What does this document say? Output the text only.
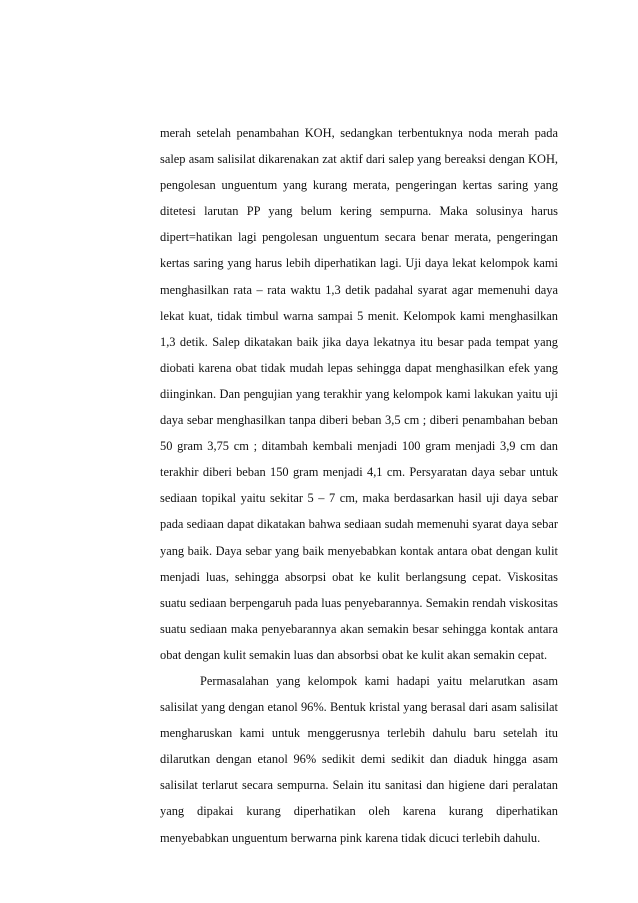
merah setelah penambahan KOH, sedangkan terbentuknya noda merah pada salep asam salisilat dikarenakan zat aktif dari salep yang bereaksi dengan KOH, pengolesan unguentum yang kurang merata, pengeringan kertas saring yang ditetesi larutan PP yang belum kering sempurna. Maka solusinya harus dipert=hatikan lagi pengolesan unguentum secara benar merata, pengeringan kertas saring yang harus lebih diperhatikan lagi. Uji daya lekat kelompok kami menghasilkan rata – rata waktu 1,3 detik padahal syarat agar memenuhi daya lekat kuat, tidak timbul warna sampai 5 menit. Kelompok kami menghasilkan 1,3 detik. Salep dikatakan baik jika daya lekatnya itu besar pada tempat yang diobati karena obat tidak mudah lepas sehingga dapat menghasilkan efek yang diinginkan. Dan pengujian yang terakhir yang kelompok kami lakukan yaitu uji daya sebar menghasilkan tanpa diberi beban 3,5 cm ; diberi penambahan beban 50 gram 3,75 cm ; ditambah kembali menjadi 100 gram menjadi 3,9 cm dan terakhir diberi beban 150 gram menjadi 4,1 cm. Persyaratan daya sebar untuk sediaan topikal yaitu sekitar 5 – 7 cm, maka berdasarkan hasil uji daya sebar pada sediaan dapat dikatakan bahwa sediaan sudah memenuhi syarat daya sebar yang baik. Daya sebar yang baik menyebabkan kontak antara obat dengan kulit menjadi luas, sehingga absorpsi obat ke kulit berlangsung cepat. Viskositas suatu sediaan berpengaruh pada luas penyebarannya. Semakin rendah viskositas suatu sediaan maka penyebarannya akan semakin besar sehingga kontak antara obat dengan kulit semakin luas dan absorbsi obat ke kulit akan semakin cepat.

Permasalahan yang kelompok kami hadapi yaitu melarutkan asam salisilat yang dengan etanol 96%. Bentuk kristal yang berasal dari asam salisilat mengharuskan kami untuk menggerusnya terlebih dahulu baru setelah itu dilarutkan dengan etanol 96% sedikit demi sedikit dan diaduk hingga asam salisilat terlarut secara sempurna. Selain itu sanitasi dan higiene dari peralatan yang dipakai kurang diperhatikan oleh karena kurang diperhatikan menyebabkan unguentum berwarna pink karena tidak dicuci terlebih dahulu.
